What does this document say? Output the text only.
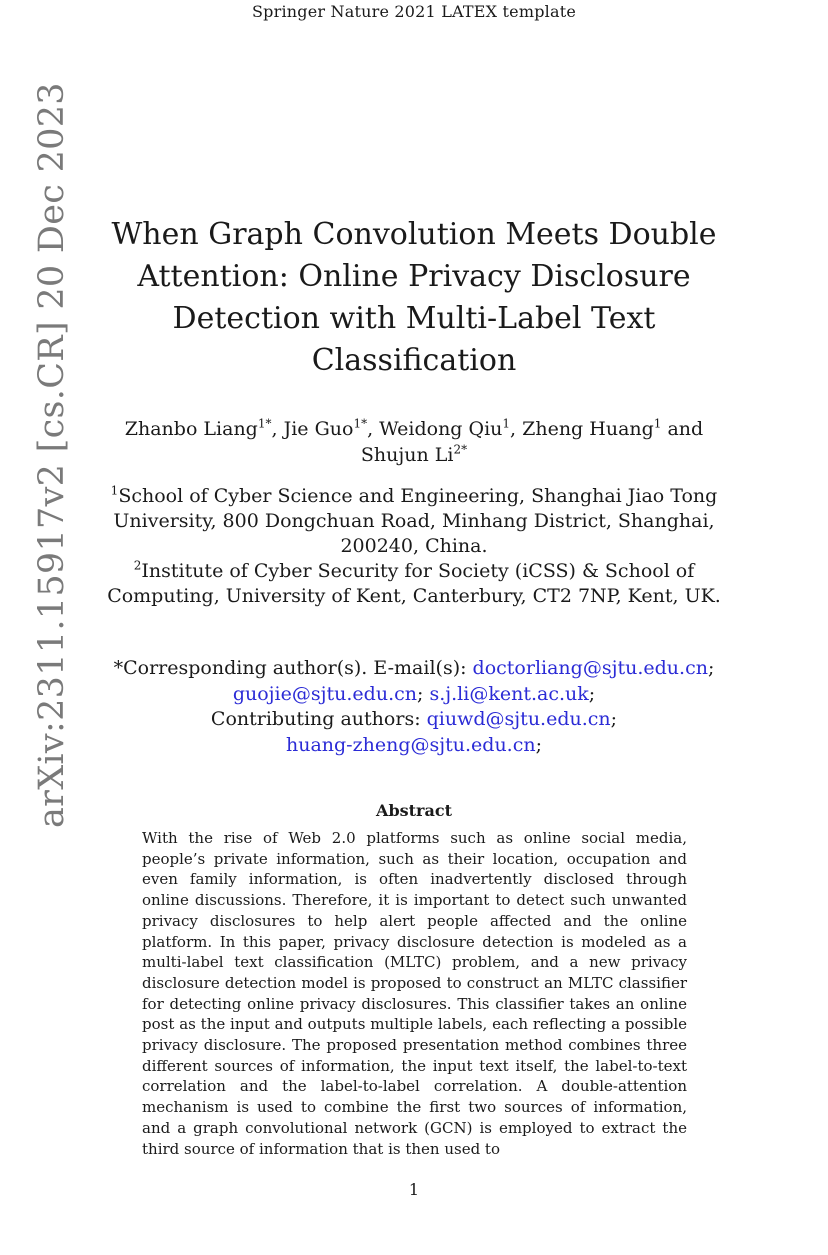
Springer Nature 2021 LATEX template
arXiv:2311.15917v2 [cs.CR] 20 Dec 2023	When Graph Convolution Meets Double Attention: Online Privacy Disclosure Detection with Multi-Label Text Classification
Zhanbo Liang$^{1*}$, Jie Guo$^{1*}$, Weidong Qiu$^1$, Zheng Huang$^1$ and
Shujun $Li^{2*}$

$^1$School of Cyber Science and Engineering, Shanghai Jiao Tong University, 800 Dongchuan Road, Minhang District, Shanghai, 200240, China.

$^2$Institute of Cyber Security for Society (iCSS) & School of Computing, University of Kent, Canterbury, CT2 7NP, Kent, UK.

*Corresponding author(s). E-mail(s): doctorliang@sjtu.edu.cn;
guojie@sjtu.edu.cn; s.j.li@kent.ac.uk;
Contributing authors: qiuwd@sjtu.edu.cn;
huang-zheng@sjtu.edu.cn;
Abstract

With the rise of Web 2.0 platforms such as online social media, people’s private information, such as their location, occupation and even family information, is often inadvertently disclosed through online discussions. Therefore, it is important to detect such unwanted privacy disclosures to help alert people affected and the online platform. In this paper, privacy disclosure detection is modeled as a multi-label text classification (MLTC) problem, and a new privacy disclosure detection model is proposed to construct an MLTC classifier for detecting online privacy disclosures. This classifier takes an online post as the input and outputs multiple labels, each reflecting a possible privacy disclosure. The proposed presentation method combines three different sources of information, the input text itself, the label-to-text correlation and the label-to-label correlation. A double-attention mechanism is used to combine the first two sources of information, and a graph convolutional network (GCN) is employed to extract the third source of information that is then used to

1
